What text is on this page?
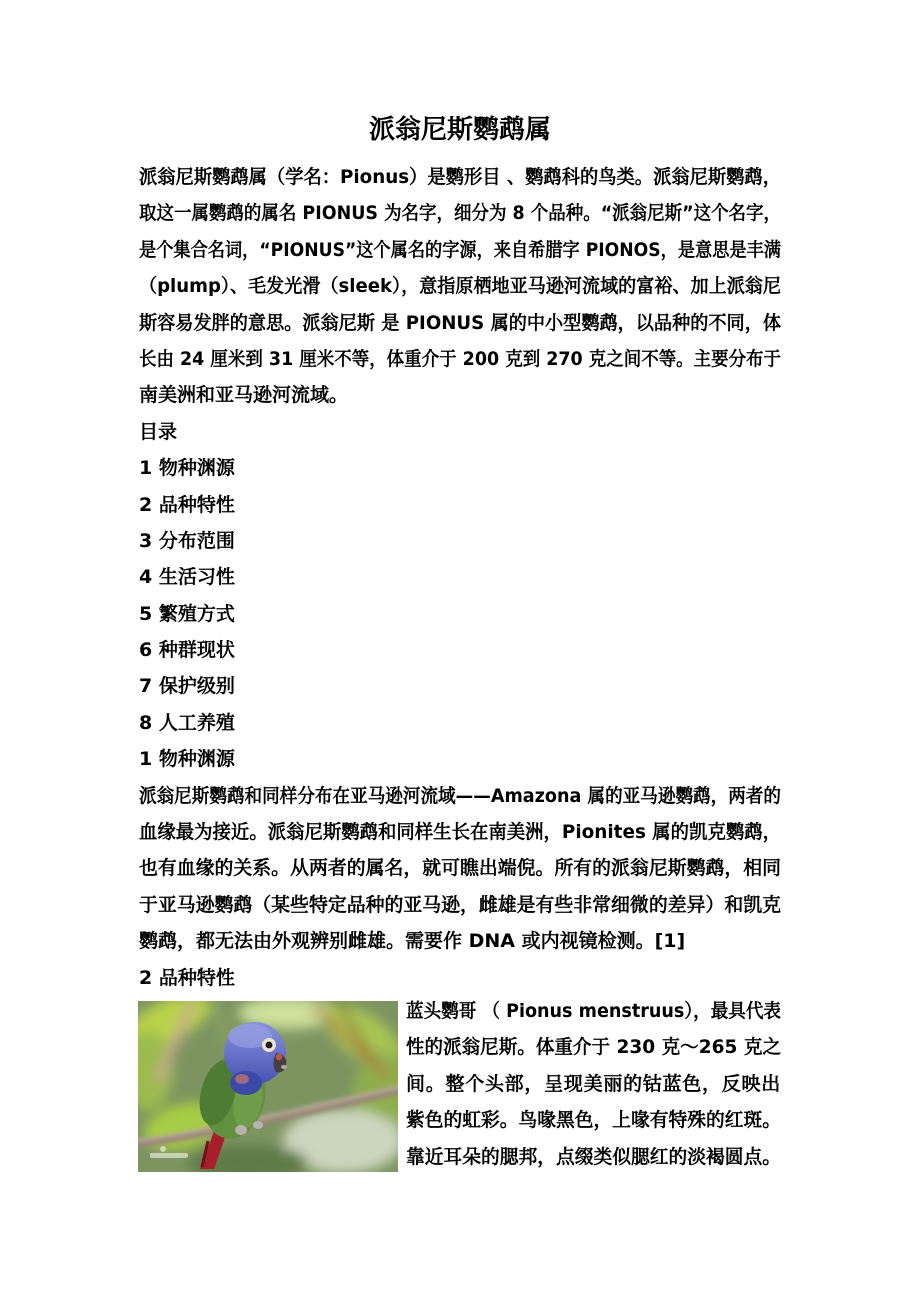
派翁尼斯鹦鹉属
派翁尼斯鹦鹉属（学名：Pionus）是鹦形目 、鹦鹉科的鸟类。派翁尼斯鹦鹉，
取这一属鹦鹉的属名 PIONUS 为名字，细分为 8 个品种。“派翁尼斯”这个名字，
是个集合名词，“PIONUS”这个属名的字源，来自希腊字 PIONOS，是意思是丰满
（plump）、毛发光滑（sleek），意指原栖地亚马逊河流域的富裕、加上派翁尼
斯容易发胖的意思。派翁尼斯 是 PIONUS 属的中小型鹦鹉，以品种的不同，体
长由 24 厘米到 31 厘米不等，体重介于 200 克到 270 克之间不等。主要分布于
南美洲和亚马逊河流域。
目录
1 物种渊源
2 品种特性
3 分布范围
4 生活习性
5 繁殖方式
6 种群现状
7 保护级别
8 人工养殖
1 物种渊源
派翁尼斯鹦鹉和同样分布在亚马逊河流域——Amazona 属的亚马逊鹦鹉，两者的
血缘最为接近。派翁尼斯鹦鹉和同样生长在南美洲，Pionites 属的凯克鹦鹉，
也有血缘的关系。从两者的属名，就可瞧出端倪。所有的派翁尼斯鹦鹉，相同
于亚马逊鹦鹉（某些特定品种的亚马逊，雌雄是有些非常细微的差异）和凯克
鹦鹉，都无法由外观辨别雌雄。需要作 DNA 或内视镜检测。[1]
2 品种特性
蓝头鹦哥 （ Pionus menstruus），最具代表
性的派翁尼斯。体重介于 230 克～265 克之
间。整个头部，呈现美丽的钴蓝色，反映出
紫色的虹彩。鸟喙黑色，上喙有特殊的红斑。
靠近耳朵的腮邦，点缀类似腮红的淡褐圆点。
